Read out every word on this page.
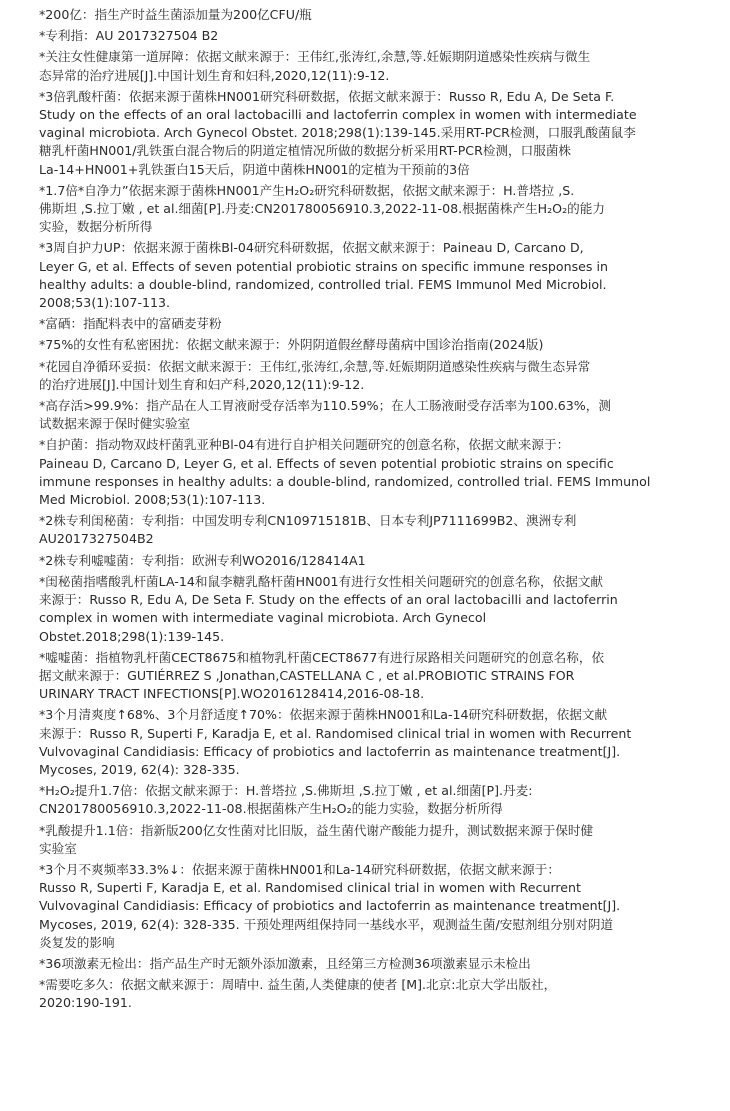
*200亿：指生产时益生菌添加量为200亿CFU/瓶

*专利指：AU 2017327504 B2

*关注女性健康第一道屏障：依据文献来源于：王伟红,张涛红,余慧,等.妊娠期阴道感染性疾病与微生
态异常的治疗进展[J].中国计划生育和妇科,2020,12(11):9-12.

*3倍乳酸杆菌：依据来源于菌株HN001研究科研数据，依据文献来源于：Russo R, Edu A, De Seta F.
Study on the effects of an oral lactobacilli and lactoferrin complex in women with intermediate
vaginal microbiota. Arch Gynecol Obstet. 2018;298(1):139-145.采用RT-PCR检测，口服乳酸菌鼠李
糖乳杆菌HN001/乳铁蛋白混合物后的阴道定植情况所做的数据分析采用RT-PCR检测，口服菌株
La-14+HN001+乳铁蛋白15天后，阴道中菌株HN001的定植为干预前的3倍

*1.7倍*自净力”依据来源于菌株HN001产生H₂O₂研究科研数据，依据文献来源于：H.普塔拉 ,S.
佛斯坦 ,S.拉丁嫩 , et al.细菌[P].丹麦:CN201780056910.3,2022-11-08.根据菌株产生H₂O₂的能力
实验，数据分析所得

*3周自护力UP：依据来源于菌株Bl-04研究科研数据，依据文献来源于：Paineau D, Carcano D,
Leyer G, et al. Effects of seven potential probiotic strains on specific immune responses in
healthy adults: a double-blind, randomized, controlled trial. FEMS Immunol Med Microbiol.
2008;53(1):107-113.

*富硒：指配料表中的富硒麦芽粉

*75%的女性有私密困扰：依据文献来源于：外阴阴道假丝酵母菌病中国诊治指南(2024版)

*花园自净循环妥损：依据文献来源于：王伟红,张涛红,余慧,等.妊娠期阴道感染性疾病与微生态异常
的治疗进展[J].中国计划生育和妇产科,2020,12(11):9-12.

*高存活>99.9%：指产品在人工胃液耐受存活率为110.59%；在人工肠液耐受存活率为100.63%，测
试数据来源于保时健实验室

*自护菌：指动物双歧杆菌乳亚种Bl-04有进行自护相关问题研究的创意名称，依据文献来源于：
Paineau D, Carcano D, Leyer G, et al. Effects of seven potential probiotic strains on specific
immune responses in healthy adults: a double-blind, randomized, controlled trial. FEMS Immunol
Med Microbiol. 2008;53(1):107-113.

*2株专利闺秘菌：专利指：中国发明专利CN109715181B、日本专利JP7111699B2、澳洲专利
AU2017327504B2

*2株专利嘘嘘菌：专利指：欧洲专利WO2016/128414A1

*闺秘菌指嗜酸乳杆菌LA-14和鼠李糖乳酪杆菌HN001有进行女性相关问题研究的创意名称，依据文献
来源于：Russo R, Edu A, De Seta F. Study on the effects of an oral lactobacilli and lactoferrin
complex in women with intermediate vaginal microbiota. Arch Gynecol
Obstet.2018;298(1):139-145.

*嘘嘘菌：指植物乳杆菌CECT8675和植物乳杆菌CECT8677有进行尿路相关问题研究的创意名称，依
据文献来源于：GUTIÉRREZ S ,Jonathan,CASTELLANA C , et al.PROBIOTIC STRAINS FOR
URINARY TRACT INFECTIONS[P].WO2016128414,2016-08-18.

*3个月清爽度↑68%、3个月舒适度↑70%：依据来源于菌株HN001和La-14研究科研数据，依据文献
来源于：Russo R, Superti F, Karadja E, et al. Randomised clinical trial in women with Recurrent
Vulvovaginal Candidiasis: Efficacy of probiotics and lactoferrin as maintenance treatment[J].
Mycoses, 2019, 62(4): 328-335.

*H₂O₂提升1.7倍：依据文献来源于：H.普塔拉 ,S.佛斯坦 ,S.拉丁嫩 , et al.细菌[P].丹麦:
CN201780056910.3,2022-11-08.根据菌株产生H₂O₂的能力实验，数据分析所得

*乳酸提升1.1倍：指新版200亿女性菌对比旧版，益生菌代谢产酸能力提升，测试数据来源于保时健
实验室

*3个月不爽频率33.3%↓：依据来源于菌株HN001和La-14研究科研数据，依据文献来源于：
Russo R, Superti F, Karadja E, et al. Randomised clinical trial in women with Recurrent
Vulvovaginal Candidiasis: Efficacy of probiotics and lactoferrin as maintenance treatment[J].
Mycoses, 2019, 62(4): 328-335. 干预处理两组保持同一基线水平，观测益生菌/安慰剂组分别对阴道
炎复发的影响

*36项激素无检出：指产品生产时无额外添加激素，且经第三方检测36项激素显示未检出

*需要吃多久：依据文献来源于：周晴中. 益生菌,人类健康的使者 [M].北京:北京大学出版社，
2020:190-191.
